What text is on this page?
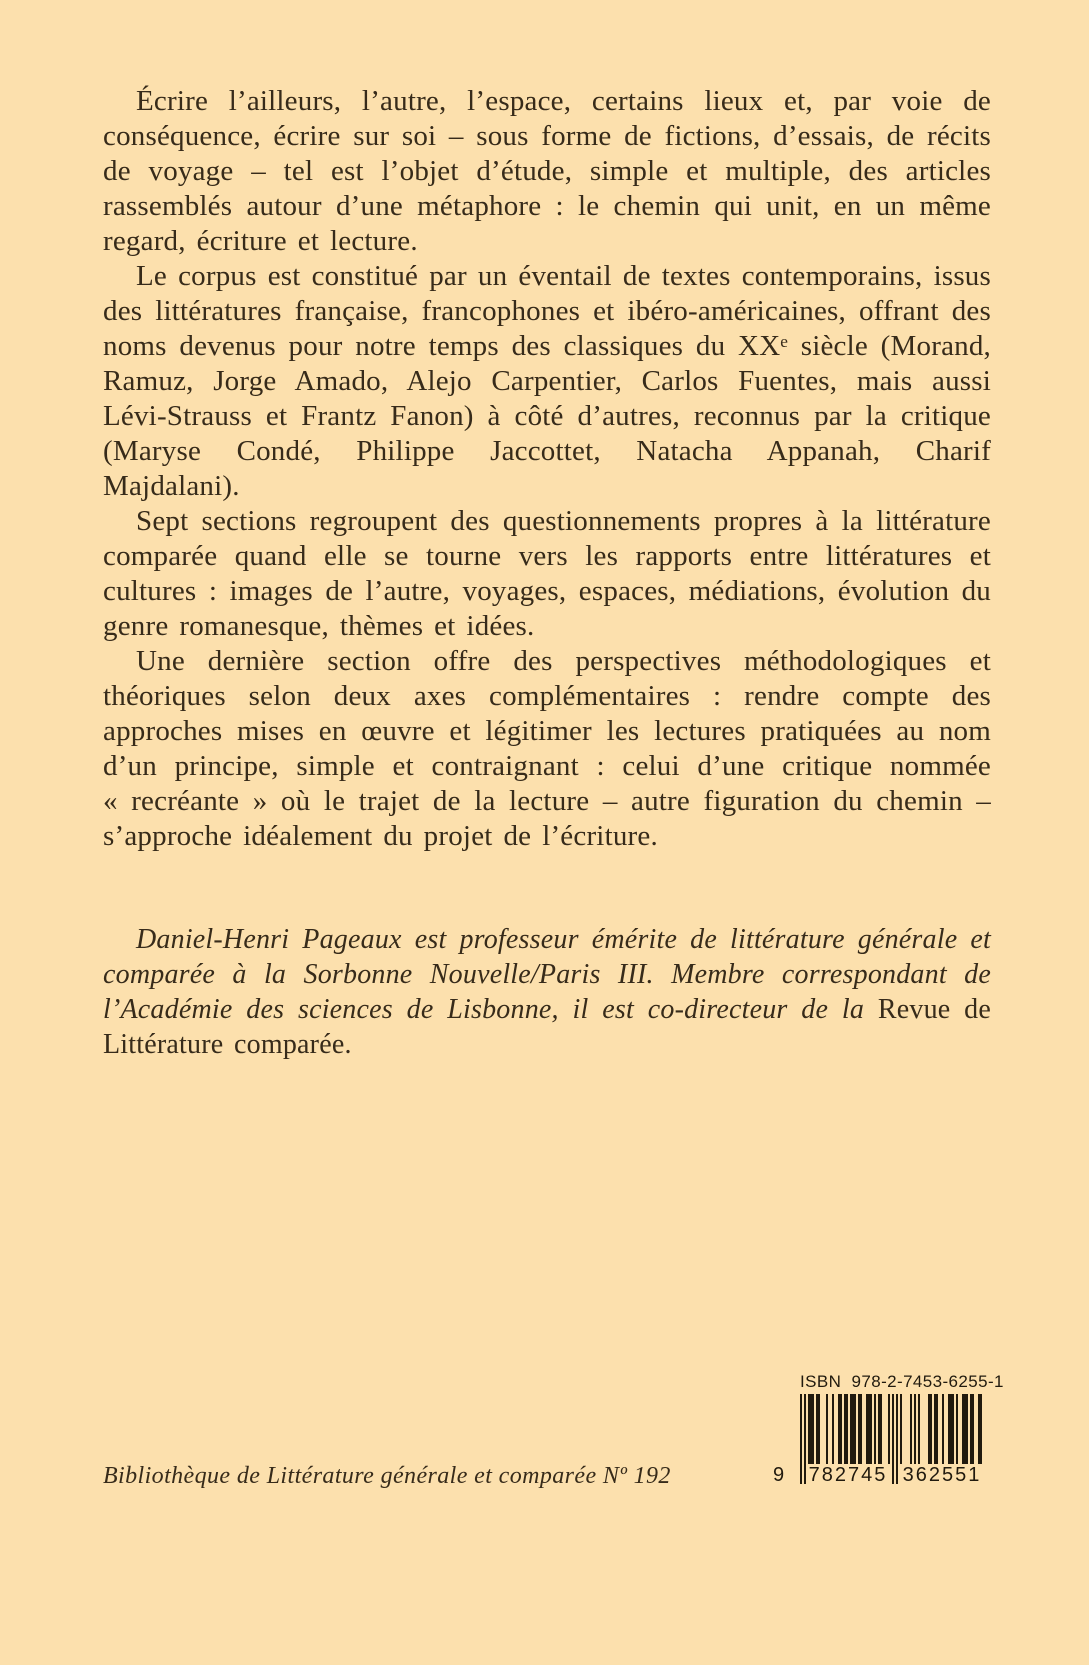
Écrire l’ailleurs, l’autre, l’espace, certains lieux et, par voie de conséquence, écrire sur soi – sous forme de fictions, d’essais, de récits de voyage – tel est l’objet d’étude, simple et multiple, des articles rassemblés autour d’une métaphore : le chemin qui unit, en un même regard, écriture et lecture.

Le corpus est constitué par un éventail de textes contemporains, issus des littératures française, francophones et ibéro-américaines, offrant des noms devenus pour notre temps des classiques du XXᵉ siècle (Morand, Ramuz, Jorge Amado, Alejo Carpentier, Carlos Fuentes, mais aussi Lévi-Strauss et Frantz Fanon) à côté d’autres, reconnus par la critique (Maryse Condé, Philippe Jaccottet, Natacha Appanah, Charif Majdalani).

Sept sections regroupent des questionnements propres à la littérature comparée quand elle se tourne vers les rapports entre littératures et cultures : images de l’autre, voyages, espaces, médiations, évolution du genre romanesque, thèmes et idées.

Une dernière section offre des perspectives méthodologiques et théoriques selon deux axes complémentaires : rendre compte des approches mises en œuvre et légitimer les lectures pratiquées au nom d’un principe, simple et contraignant : celui d’une critique nommée « recréante » où le trajet de la lecture – autre figuration du chemin – s’approche idéalement du projet de l’écriture.

Daniel-Henri Pageaux est professeur émérite de littérature générale et comparée à la Sorbonne Nouvelle/Paris III. Membre correspondant de l’Académie des sciences de Lisbonne, il est co-directeur de la Revue de Littérature comparée.

ISBN  978-2-7453-6255-1
9 782745 362551
Bibliothèque de Littérature générale et comparée Nº 192
